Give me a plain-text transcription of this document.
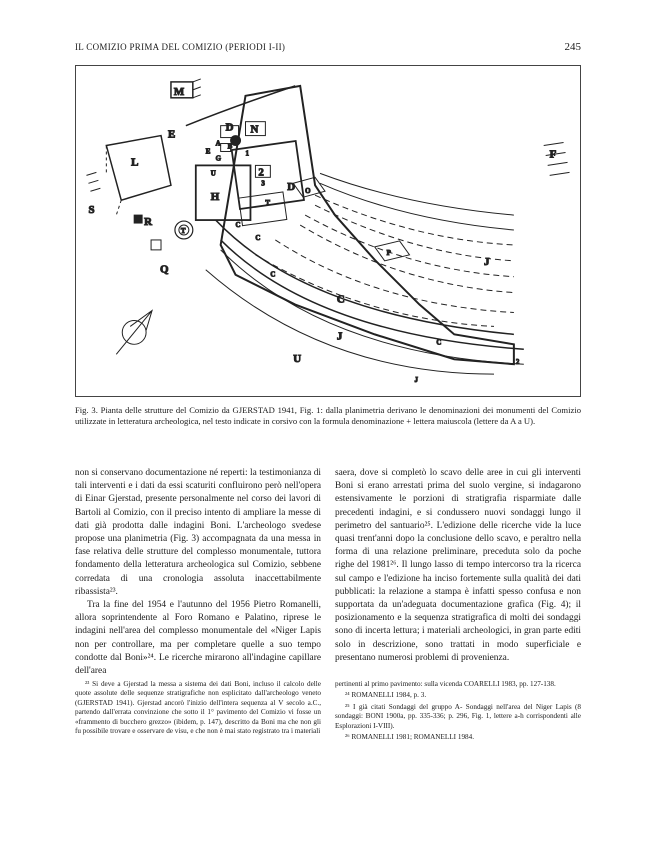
IL COMIZIO PRIMA DEL COMIZIO (PERIODI I-II)	245
M
E
E
A B
D N
L
S
G
1
2
3
U
H	T
D O
F
R
T
C
C
Q
P
J
C
C
J
U
C
2
J
Fig. 3. Pianta delle strutture del Comizio da GJERSTAD 1941, Fig. 1: dalla planimetria derivano le denominazioni dei monumenti del Comizio utilizzate in letteratura archeologica, nel testo indicate in corsivo con la formula denominazione + lettera maiuscola (lettere da A a U).

non si conservano documentazione né reperti: la testimonianza di tali interventi e i dati da essi scaturiti confluirono però nell'opera di Einar Gjerstad, presente personalmente nel corso dei lavori di Bartoli al Comizio, con il preciso intento di ampliare la messe di dati già prodotta dalle indagini Boni. L'archeologo svedese propose una planimetria (Fig. 3) accompagnata da una messa in fase relativa delle strutture del complesso monumentale, tuttora fondamento della letteratura archeologica sul Comizio, sebbene corredata di una cronologia assoluta inaccettabilmente ribassista²³.

Tra la fine del 1954 e l'autunno del 1956 Pietro Romanelli, allora soprintendente al Foro Romano e Palatino, riprese le indagini nell'area del complesso monumentale del «Niger Lapis non per controllare, ma per completare quelle a suo tempo condotte dal Boni»²⁴. Le ricerche mirarono all'indagine capillare dell'area

saera, dove si completò lo scavo delle aree in cui gli interventi Boni si erano arrestati prima del suolo vergine, si indagarono estensivamente le porzioni di stratigrafia risparmiate dalle precedenti indagini, e si condussero nuovi sondaggi lungo il perimetro del santuario²⁵. L'edizione delle ricerche vide la luce quasi trent'anni dopo la conclusione dello scavo, e peraltro nella forma di una relazione preliminare, preceduta solo da poche righe del 1981²⁶. Il lungo lasso di tempo intercorso tra la ricerca sul campo e l'edizione ha inciso fortemente sulla qualità dei dati pubblicati: la relazione a stampa è infatti spesso confusa e non supportata da un'adeguata documentazione grafica (Fig. 4); il posizionamento e la sequenza stratigrafica di molti dei sondaggi sono di incerta lettura; i materiali archeologici, in gran parte editi solo in descrizione, sono trattati in modo superficiale e presentano numerosi problemi di provenienza.

²³ Si deve a Gjerstad la messa a sistema dei dati Boni, incluso il calcolo delle quote assolute delle sequenze stratigrafiche non esplicitato dall'archeologo veneto (GJERSTAD 1941). Gjerstad ancorò l'inizio dell'intera sequenza al V secolo a.C., partendo dall'errata convinzione che sotto il 1° pavimento del Comizio vi fosse un «frammento di bucchero grezzo» (ibidem, p. 147), descritto da Boni ma che non gli fu possibile trovare e osservare de visu, e che non è mai stato registrato tra i materiali

pertinenti al primo pavimento: sulla vicenda COARELLI 1983, pp. 127-138.

²⁴ ROMANELLI 1984, p. 3.

²⁵ I già citati Sondaggi del gruppo A- Sondaggi nell'area del Niger Lapis (8 sondaggi: BONI 1900a, pp. 335-336; p. 296, Fig. 1, lettere a-h corrispondenti alle Esplorazioni I-VIII).

²⁶ ROMANELLI 1981; ROMANELLI 1984.
